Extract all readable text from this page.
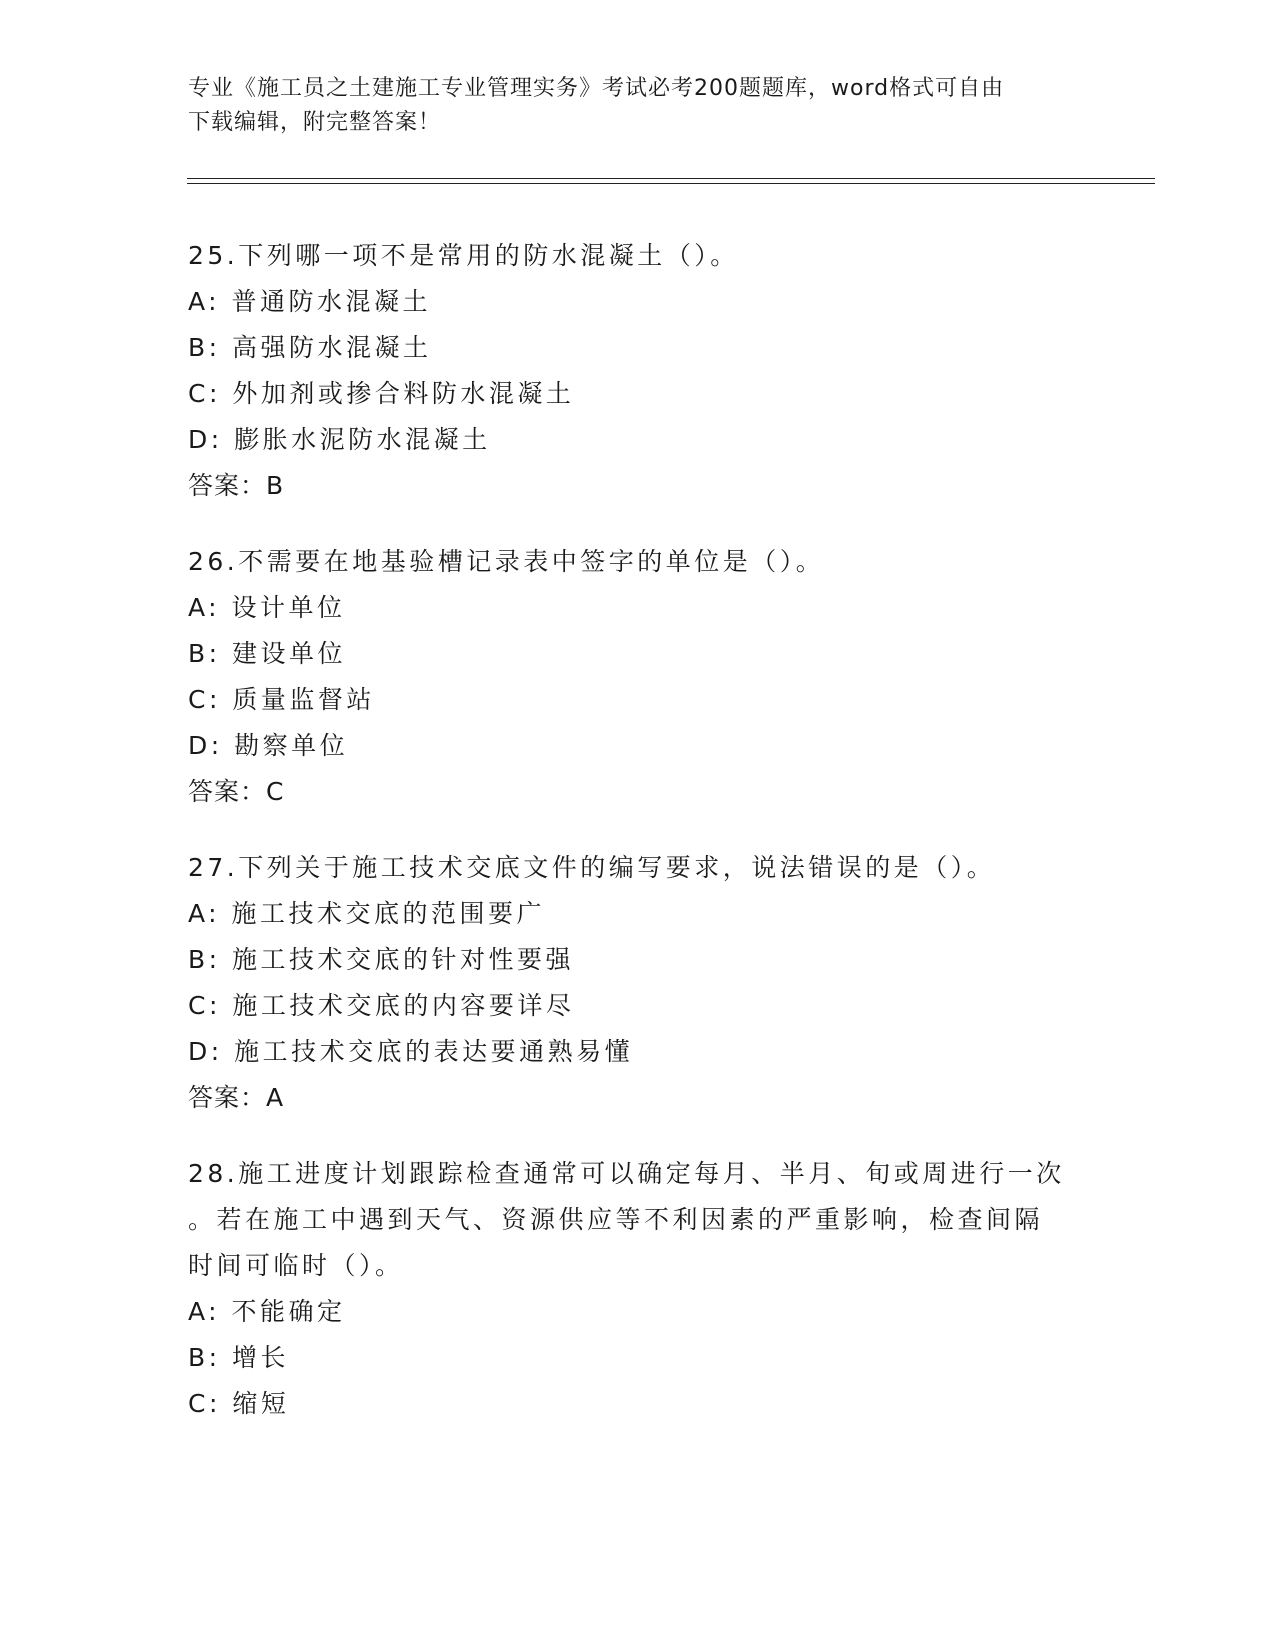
专业《施工员之土建施工专业管理实务》考试必考200题题库，word格式可自由
下载编辑，附完整答案！
25.下列哪一项不是常用的防水混凝土（）。
A: 普通防水混凝土
B: 高强防水混凝土
C: 外加剂或掺合料防水混凝土
D: 膨胀水泥防水混凝土
答案：B
26.不需要在地基验槽记录表中签字的单位是（）。
A: 设计单位
B: 建设单位
C: 质量监督站
D: 勘察单位
答案：C
27.下列关于施工技术交底文件的编写要求，说法错误的是（）。
A: 施工技术交底的范围要广
B: 施工技术交底的针对性要强
C: 施工技术交底的内容要详尽
D: 施工技术交底的表达要通熟易懂
答案：A
28.施工进度计划跟踪检查通常可以确定每月、半月、旬或周进行一次
。若在施工中遇到天气、资源供应等不利因素的严重影响，检查间隔
时间可临时（）。
A: 不能确定
B: 增长
C: 缩短
